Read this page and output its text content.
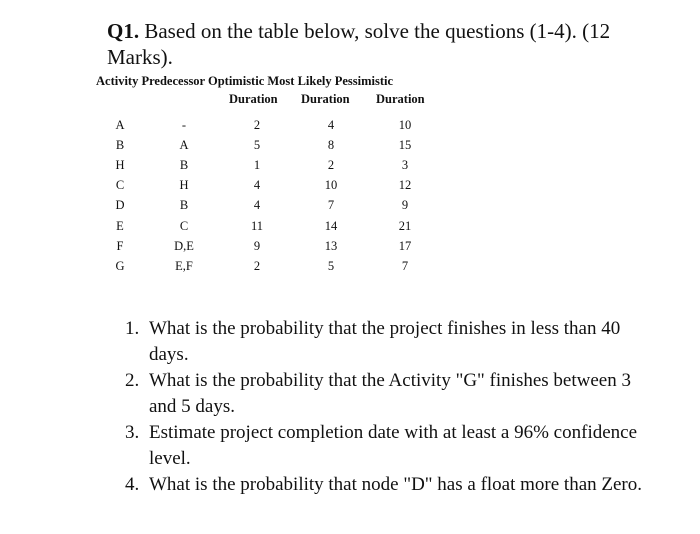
Q1. Based on the table below, solve the questions (1-4). (12 Marks).
Activity Predecessor Optimistic Most Likely Pessimistic
Duration Duration Duration
A	-	2	4	10
B	A	5	8	15
H	B	1	2	3
C	H	4	10	12
D	B	4	7	9
E	C	11	14	21
F	D,E	9	13	17
G	E,F	2	5	7
1. What is the probability that the project finishes in less than 40 days.
2. What is the probability that the Activity "G" finishes between 3 and 5 days.
3. Estimate project completion date with at least a 96% confidence level.
4. What is the probability that node "D" has a float more than Zero.
